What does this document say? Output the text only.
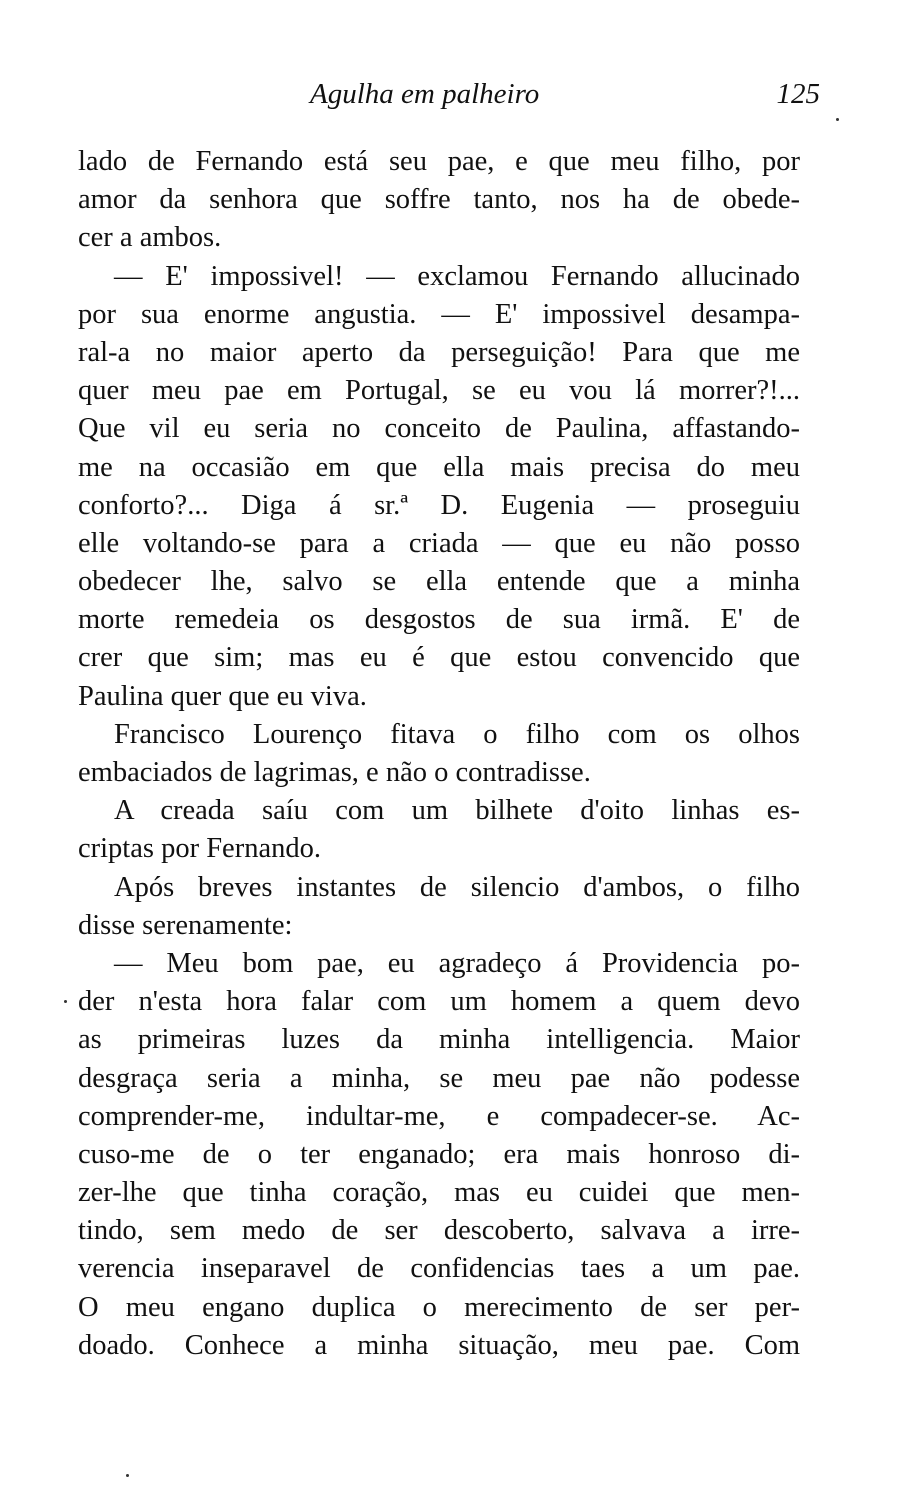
Agulha em palheiro	125
lado de Fernando está seu pae, e que meu filho, por
amor da senhora que soffre tanto, nos ha de obede-
cer a ambos.
— E' impossivel! — exclamou Fernando allucinado
por sua enorme angustia. — E' impossivel desampa-
ral-a no maior aperto da perseguição! Para que me
quer meu pae em Portugal, se eu vou lá morrer?!...
Que vil eu seria no conceito de Paulina, affastando-
me na occasião em que ella mais precisa do meu
conforto?... Diga á sr.ª D. Eugenia — proseguiu
elle voltando-se para a criada — que eu não posso
obedecer lhe, salvo se ella entende que a minha
morte remedeia os desgostos de sua irmã. E' de
crer que sim; mas eu é que estou convencido que
Paulina quer que eu viva.
Francisco Lourenço fitava o filho com os olhos
embaciados de lagrimas, e não o contradisse.
A creada saíu com um bilhete d'oito linhas es-
criptas por Fernando.
Após breves instantes de silencio d'ambos, o filho
disse serenamente:
— Meu bom pae, eu agradeço á Providencia po-
der n'esta hora falar com um homem a quem devo
as primeiras luzes da minha intelligencia. Maior
desgraça seria a minha, se meu pae não podesse
comprender-me, indultar-me, e compadecer-se. Ac-
cuso-me de o ter enganado; era mais honroso di-
zer-lhe que tinha coração, mas eu cuidei que men-
tindo, sem medo de ser descoberto, salvava a irre-
verencia inseparavel de confidencias taes a um pae.
O meu engano duplica o merecimento de ser per-
doado. Conhece a minha situação, meu pae. Com
